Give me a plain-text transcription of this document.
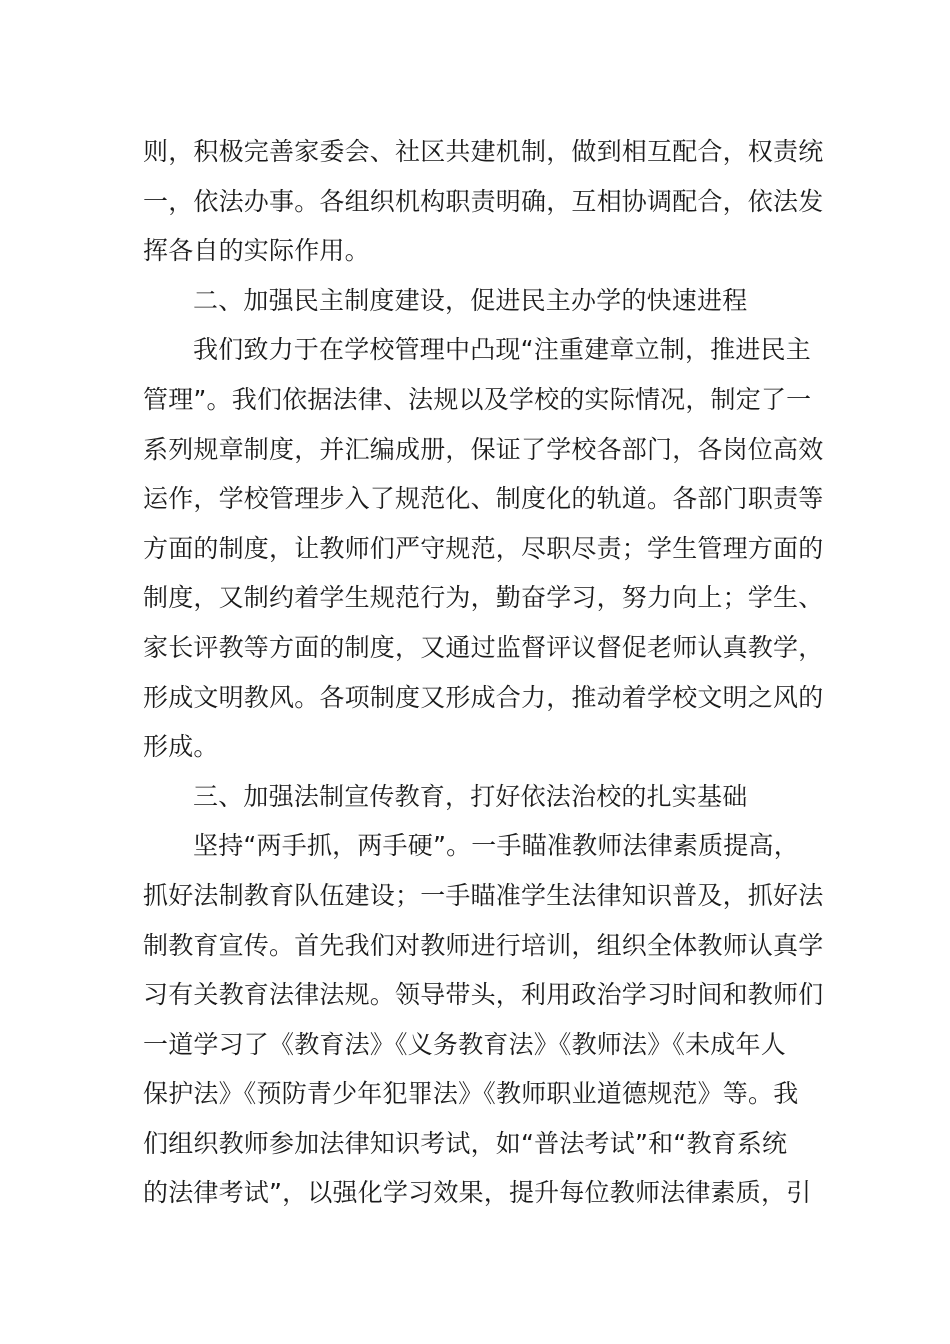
则，积极完善家委会、社区共建机制，做到相互配合，权责统
一，依法办事。各组织机构职责明确，互相协调配合，依法发
挥各自的实际作用。
二、加强民主制度建设，促进民主办学的快速进程
我们致力于在学校管理中凸现“注重建章立制，推进民主
管理”。我们依据法律、法规以及学校的实际情况，制定了一
系列规章制度，并汇编成册，保证了学校各部门，各岗位高效
运作，学校管理步入了规范化、制度化的轨道。各部门职责等
方面的制度，让教师们严守规范，尽职尽责；学生管理方面的
制度，又制约着学生规范行为，勤奋学习，努力向上；学生、
家长评教等方面的制度，又通过监督评议督促老师认真教学，
形成文明教风。各项制度又形成合力，推动着学校文明之风的
形成。
三、加强法制宣传教育，打好依法治校的扎实基础
坚持“两手抓，两手硬”。一手瞄准教师法律素质提高，
抓好法制教育队伍建设；一手瞄准学生法律知识普及，抓好法
制教育宣传。首先我们对教师进行培训，组织全体教师认真学
习有关教育法律法规。领导带头，利用政治学习时间和教师们
一道学习了《教育法》《义务教育法》《教师法》《未成年人
保护法》《预防青少年犯罪法》《教师职业道德规范》等。我
们组织教师参加法律知识考试，如“普法考试”和“教育系统
的法律考试”，以强化学习效果，提升每位教师法律素质，引
